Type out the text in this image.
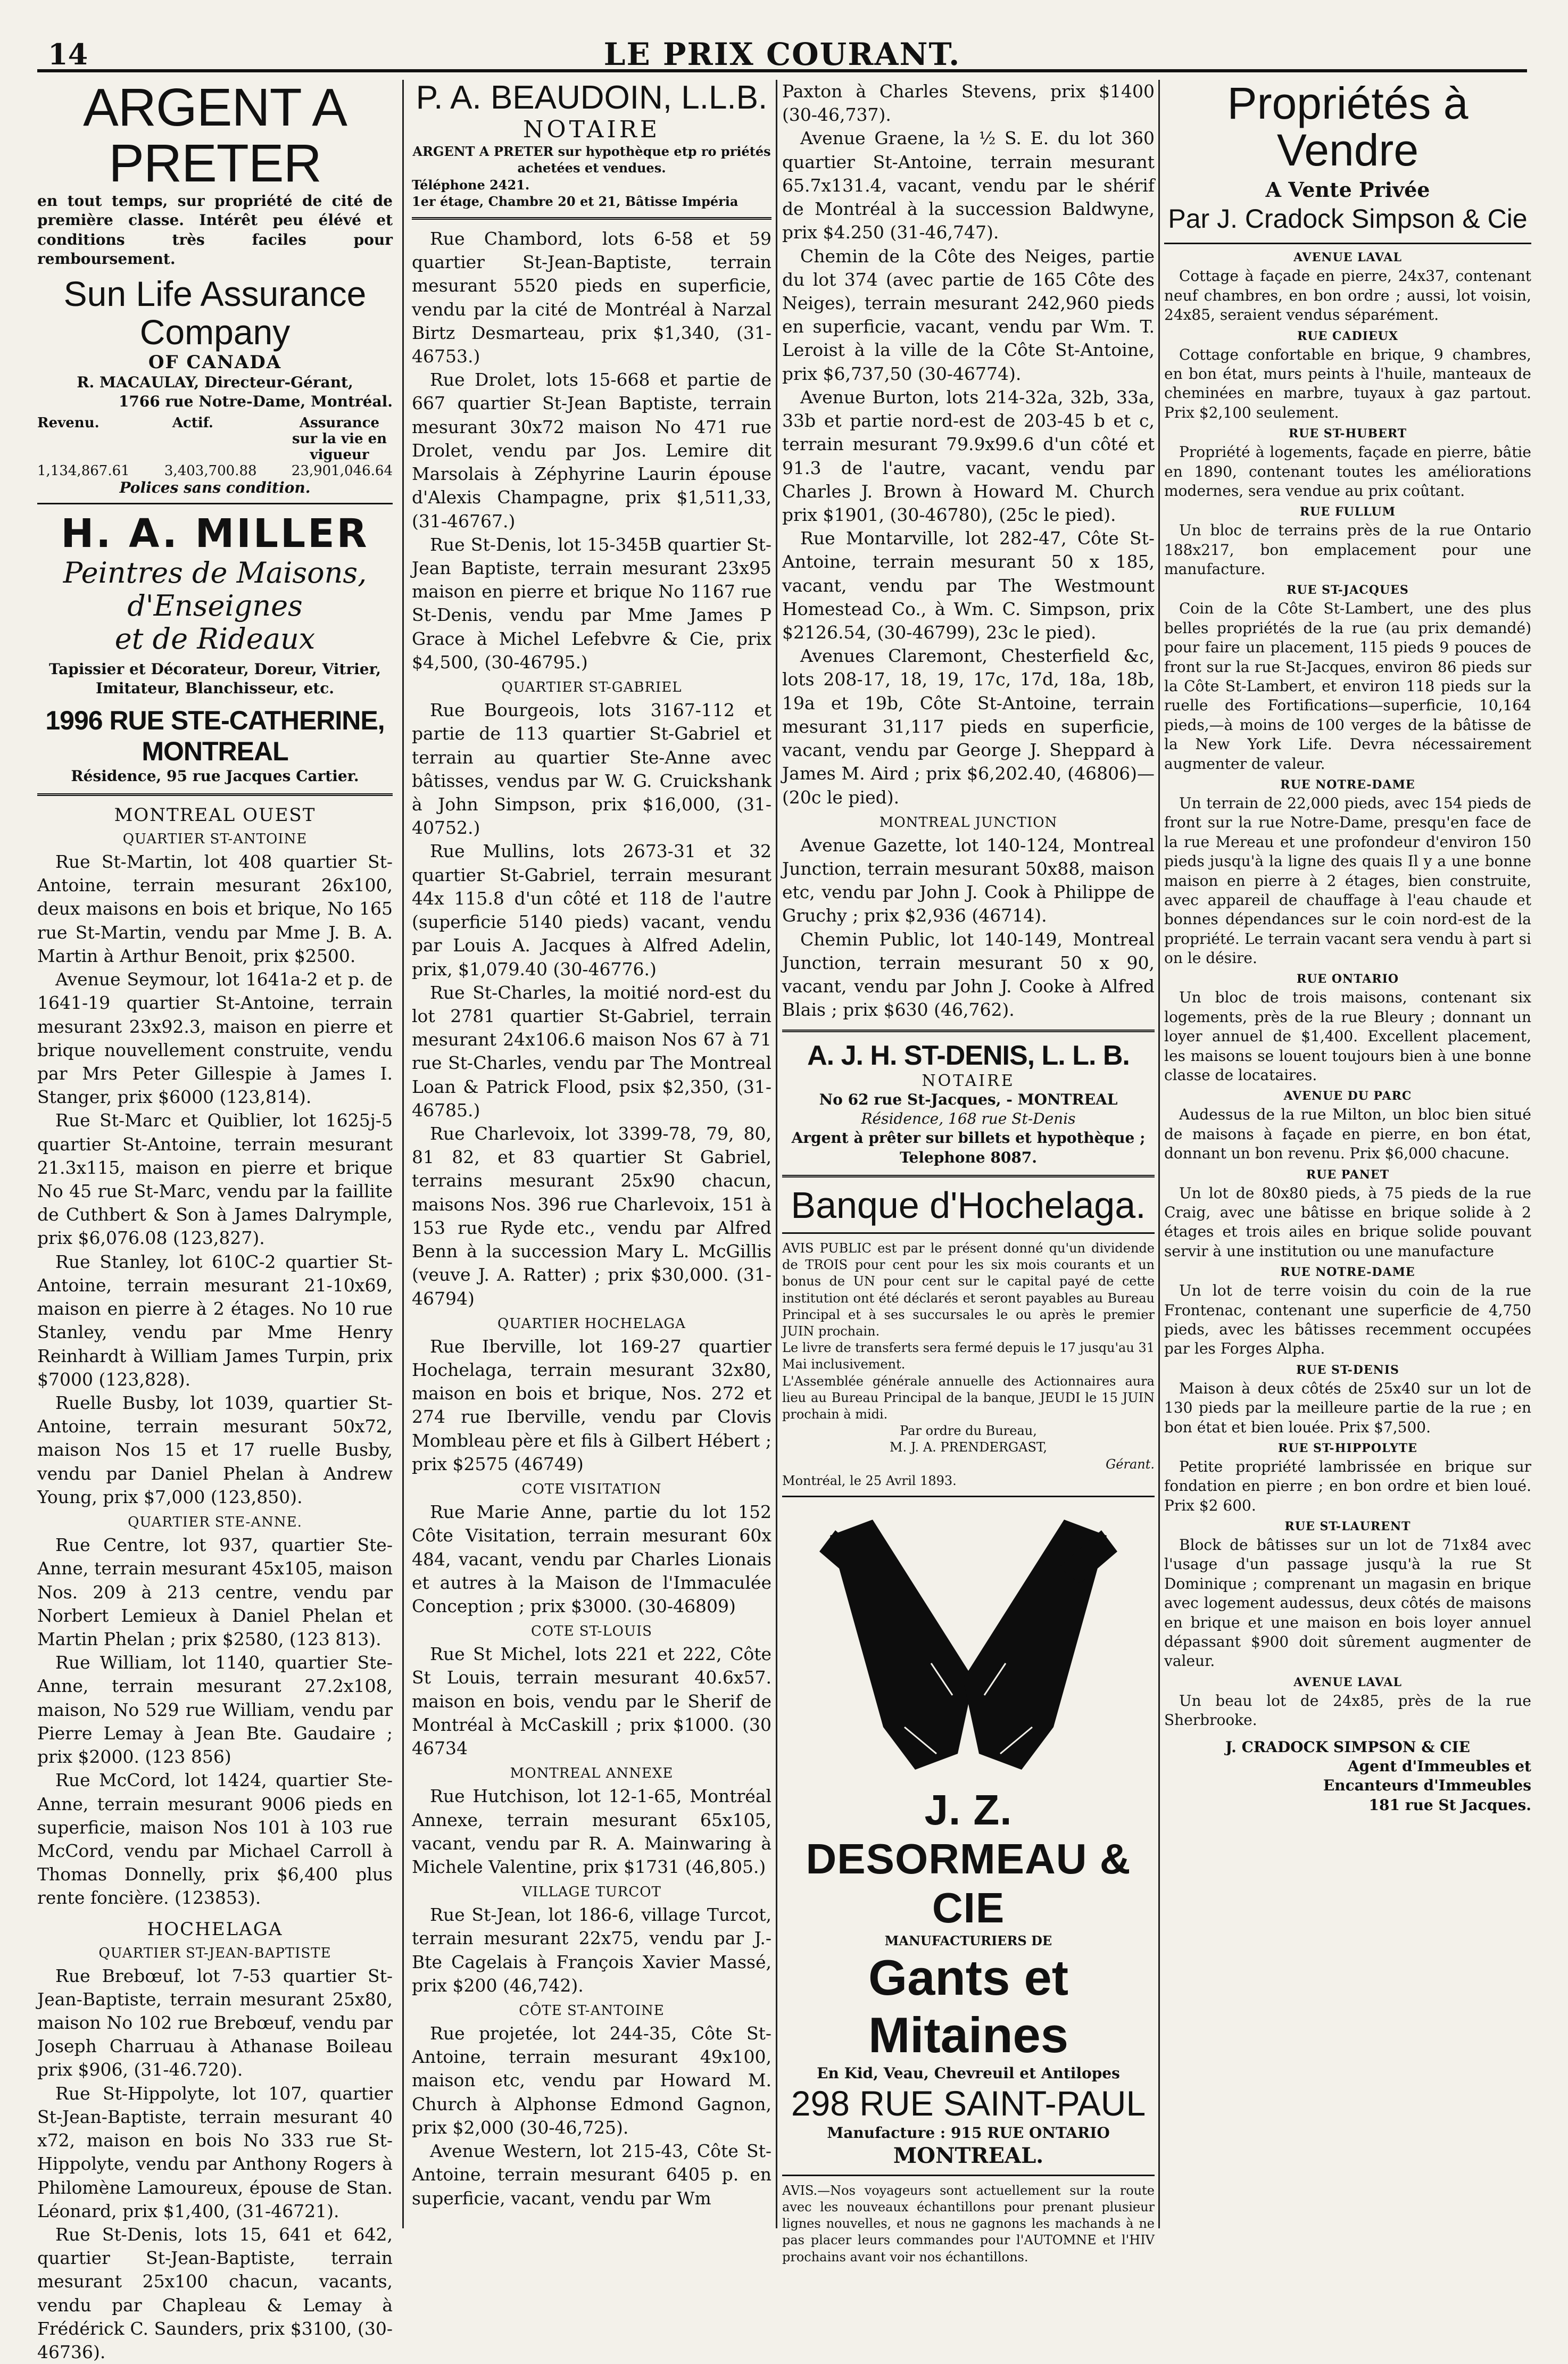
14	LE PRIX COURANT.
ARGENT A PRETER
en tout temps, sur propriété de cité de première classe. Intérêt peu élévé et conditions très faciles pour remboursement.
Sun Life Assurance Company
OF CANADA
R. MACAULAY, Directeur-Gérant,
1766 rue Notre-Dame, Montréal.
Revenu.	Actif.	Assurance sur la vie en vigueur
1,134,867.61	3,403,700.88	23,901,046.64
Polices sans condition.
H. A. MILLER
Peintres de Maisons, d'Enseignes
et de Rideaux
Tapissier et Décorateur, Doreur, Vitrier, Imitateur, Blanchisseur, etc.
1996 RUE STE-CATHERINE, MONTREAL
Résidence, 95 rue Jacques Cartier.
MONTREAL OUEST
QUARTIER ST-ANTOINE

Rue St-Martin, lot 408 quartier St-Antoine, terrain mesurant 26x100, deux maisons en bois et brique, No 165 rue St-Martin, vendu par Mme J. B. A. Martin à Arthur Benoit, prix $2500.

Avenue Seymour, lot 1641a-2 et p. de 1641-19 quartier St-Antoine, terrain mesurant 23x92.3, maison en pierre et brique nouvellement construite, vendu par Mrs Peter Gillespie à James I. Stanger, prix $6000 (123,814).

Rue St-Marc et Quiblier, lot 1625j-5 quartier St-Antoine, terrain mesurant 21.3x115, maison en pierre et brique No 45 rue St-Marc, vendu par la faillite de Cuthbert & Son à James Dalrymple, prix $6,076.08 (123,827).

Rue Stanley, lot 610C-2 quartier St-Antoine, terrain mesurant 21-10x69, maison en pierre à 2 étages. No 10 rue Stanley, vendu par Mme Henry Reinhardt à William James Turpin, prix $7000 (123,828).

Ruelle Busby, lot 1039, quartier St-Antoine, terrain mesurant 50x72, maison Nos 15 et 17 ruelle Busby, vendu par Daniel Phelan à Andrew Young, prix $7,000 (123,850).

QUARTIER STE-ANNE.

Rue Centre, lot 937, quartier Ste-Anne, terrain mesurant 45x105, maison Nos. 209 à 213 centre, vendu par Norbert Lemieux à Daniel Phelan et Martin Phelan ; prix $2580, (123 813).

Rue William, lot 1140, quartier Ste-Anne, terrain mesurant 27.2x108, maison, No 529 rue William, vendu par Pierre Lemay à Jean Bte. Gaudaire ; prix $2000. (123 856)

Rue McCord, lot 1424, quartier Ste-Anne, terrain mesurant 9006 pieds en superficie, maison Nos 101 à 103 rue McCord, vendu par Michael Carroll à Thomas Donnelly, prix $6,400 plus rente foncière. (123853).

HOCHELAGA
QUARTIER ST-JEAN-BAPTISTE

Rue Brebœuf, lot 7-53 quartier St-Jean-Baptiste, terrain mesurant 25x80, maison No 102 rue Brebœuf, vendu par Joseph Charruau à Athanase Boileau prix $906, (31-46.720).

Rue St-Hippolyte, lot 107, quartier St-Jean-Baptiste, terrain mesurant 40 x72, maison en bois No 333 rue St-Hippolyte, vendu par Anthony Rogers à Philomène Lamoureux, épouse de Stan. Léonard, prix $1,400, (31-46721).

Rue St-Denis, lots 15, 641 et 642, quartier St-Jean-Baptiste, terrain mesurant 25x100 chacun, vacants, vendu par Chapleau & Lemay à Frédérick C. Saunders, prix $3100, (30-46736).

P. A. BEAUDOIN, L.L.B.
NOTAIRE
ARGENT A PRETER sur hypothèque etp ro priétés achetées et vendues.
Téléphone 2421.
1er étage, Chambre 20 et 21, Bâtisse Impéria

Rue Chambord, lots 6-58 et 59 quartier St-Jean-Baptiste, terrain mesurant 5520 pieds en superficie, vendu par la cité de Montréal à Narzal Birtz Desmarteau, prix $1,340, (31-46753.)

Rue Drolet, lots 15-668 et partie de 667 quartier St-Jean Baptiste, terrain mesurant 30x72 maison No 471 rue Drolet, vendu par Jos. Lemire dit Marsolais à Zéphyrine Laurin épouse d'Alexis Champagne, prix $1,511,33, (31-46767.)

Rue St-Denis, lot 15-345B quartier St-Jean Baptiste, terrain mesurant 23x95 maison en pierre et brique No 1167 rue St-Denis, vendu par Mme James P Grace à Michel Lefebvre & Cie, prix $4,500, (30-46795.)

QUARTIER ST-GABRIEL

Rue Bourgeois, lots 3167-112 et partie de 113 quartier St-Gabriel et terrain au quartier Ste-Anne avec bâtisses, vendus par W. G. Cruickshank à John Simpson, prix $16,000, (31-40752.)

Rue Mullins, lots 2673-31 et 32 quartier St-Gabriel, terrain mesurant 44x 115.8 d'un côté et 118 de l'autre (superficie 5140 pieds) vacant, vendu par Louis A. Jacques à Alfred Adelin, prix, $1,079.40 (30-46776.)

Rue St-Charles, la moitié nord-est du lot 2781 quartier St-Gabriel, terrain mesurant 24x106.6 maison Nos 67 à 71 rue St-Charles, vendu par The Montreal Loan & Patrick Flood, psix $2,350, (31-46785.)

Rue Charlevoix, lot 3399-78, 79, 80, 81 82, et 83 quartier St Gabriel, terrains mesurant 25x90 chacun, maisons Nos. 396 rue Charlevoix, 151 à 153 rue Ryde etc., vendu par Alfred Benn à la succession Mary L. McGillis (veuve J. A. Ratter) ; prix $30,000. (31-46794)

QUARTIER HOCHELAGA

Rue Iberville, lot 169-27 quartier Hochelaga, terrain mesurant 32x80, maison en bois et brique, Nos. 272 et 274 rue Iberville, vendu par Clovis Mombleau père et fils à Gilbert Hébert ; prix $2575 (46749)

COTE VISITATION

Rue Marie Anne, partie du lot 152 Côte Visitation, terrain mesurant 60x 484, vacant, vendu par Charles Lionais et autres à la Maison de l'Immaculée Conception ; prix $3000. (30-46809)

COTE ST-LOUIS

Rue St Michel, lots 221 et 222, Côte St Louis, terrain mesurant 40.6x57. maison en bois, vendu par le Sherif de Montréal à McCaskill ; prix $1000. (30 46734

MONTREAL ANNEXE

Rue Hutchison, lot 12-1-65, Montréal Annexe, terrain mesurant 65x105, vacant, vendu par R. A. Mainwaring à Michele Valentine, prix $1731 (46,805.)

VILLAGE TURCOT

Rue St-Jean, lot 186-6, village Turcot, terrain mesurant 22x75, vendu par J.-Bte Cagelais à François Xavier Massé, prix $200 (46,742).

CÔTE ST-ANTOINE

Rue projetée, lot 244-35, Côte St-Antoine, terrain mesurant 49x100, maison etc, vendu par Howard M. Church à Alphonse Edmond Gagnon, prix $2,000 (30-46,725).

Avenue Western, lot 215-43, Côte St-Antoine, terrain mesurant 6405 p. en superficie, vacant, vendu par Wm

Paxton à Charles Stevens, prix $1400 (30-46,737).

Avenue Graene, la ½ S. E. du lot 360 quartier St-Antoine, terrain mesurant 65.7x131.4, vacant, vendu par le shérif de Montréal à la succession Baldwyne, prix $4.250 (31-46,747).

Chemin de la Côte des Neiges, partie du lot 374 (avec partie de 165 Côte des Neiges), terrain mesurant 242,960 pieds en superficie, vacant, vendu par Wm. T. Leroist à la ville de la Côte St-Antoine, prix $6,737,50 (30-46774).

Avenue Burton, lots 214-32a, 32b, 33a, 33b et partie nord-est de 203-45 b et c, terrain mesurant 79.9x99.6 d'un côté et 91.3 de l'autre, vacant, vendu par Charles J. Brown à Howard M. Church prix $1901, (30-46780), (25c le pied).

Rue Montarville, lot 282-47, Côte St-Antoine, terrain mesurant 50 x 185, vacant, vendu par The Westmount Homestead Co., à Wm. C. Simpson, prix $2126.54, (30-46799), 23c le pied).

Avenues Claremont, Chesterfield &c, lots 208-17, 18, 19, 17c, 17d, 18a, 18b, 19a et 19b, Côte St-Antoine, terrain mesurant 31,117 pieds en superficie, vacant, vendu par George J. Sheppard à James M. Aird ; prix $6,202.40, (46806)—(20c le pied).

MONTREAL JUNCTION

Avenue Gazette, lot 140-124, Montreal Junction, terrain mesurant 50x88, maison etc, vendu par John J. Cook à Philippe de Gruchy ; prix $2,936 (46714).

Chemin Public, lot 140-149, Montreal Junction, terrain mesurant 50 x 90, vacant, vendu par John J. Cooke à Alfred Blais ; prix $630 (46,762).

A. J. H. ST-DENIS, L. L. B.
NOTAIRE
No 62 rue St-Jacques, - MONTREAL
Résidence, 168 rue St-Denis
Argent à prêter sur billets et hypothèque ; Telephone 8087.
Banque d'Hochelaga.
AVIS PUBLIC est par le présent donné qu'un dividende de TROIS pour cent pour les six mois courants et un bonus de UN pour cent sur le capital payé de cette institution ont été déclarés et seront payables au Bureau Principal et à ses succursales le ou après le premier JUIN prochain.
Le livre de transferts sera fermé depuis le 17 jusqu'au 31 Mai inclusivement.
L'Assemblée générale annuelle des Actionnaires aura lieu au Bureau Principal de la banque, JEUDI le 15 JUIN prochain à midi.
Par ordre du Bureau,
M. J. A. PRENDERGAST,
Gérant.
Montréal, le 25 Avril 1893.
J. Z. DESORMEAU & CIE
MANUFACTURIERS DE
Gants et Mitaines
En Kid, Veau, Chevreuil et Antilopes
298 RUE SAINT-PAUL
Manufacture : 915 RUE ONTARIO
MONTREAL.
AVIS.—Nos voyageurs sont actuellement sur la route avec les nouveaux échantillons pour prenant plusieur lignes nouvelles, et nous ne gagnons les machands à ne pas placer leurs commandes pour l'AUTOMNE et l'HIV prochains avant voir nos échantillons.
Propriétés à Vendre
A Vente Privée
Par J. Cradock Simpson & Cie
AVENUE LAVAL

Cottage à façade en pierre, 24x37, contenant neuf chambres, en bon ordre ; aussi, lot voisin, 24x85, seraient vendus séparément.

RUE CADIEUX

Cottage confortable en brique, 9 chambres, en bon état, murs peints à l'huile, manteaux de cheminées en marbre, tuyaux à gaz partout. Prix $2,100 seulement.

RUE ST-HUBERT

Propriété à logements, façade en pierre, bâtie en 1890, contenant toutes les améliorations modernes, sera vendue au prix coûtant.

RUE FULLUM

Un bloc de terrains près de la rue Ontario 188x217, bon emplacement pour une manufacture.

RUE ST-JACQUES

Coin de la Côte St-Lambert, une des plus belles propriétés de la rue (au prix demandé) pour faire un placement, 115 pieds 9 pouces de front sur la rue St-Jacques, environ 86 pieds sur la Côte St-Lambert, et environ 118 pieds sur la ruelle des Fortifications—superficie, 10,164 pieds,—à moins de 100 verges de la bâtisse de la New York Life. Devra nécessairement augmenter de valeur.

RUE NOTRE-DAME

Un terrain de 22,000 pieds, avec 154 pieds de front sur la rue Notre-Dame, presqu'en face de la rue Mereau et une profondeur d'environ 150 pieds jusqu'à la ligne des quais Il y a une bonne maison en pierre à 2 étages, bien construite, avec appareil de chauffage à l'eau chaude et bonnes dépendances sur le coin nord-est de la propriété. Le terrain vacant sera vendu à part si on le désire.

RUE ONTARIO

Un bloc de trois maisons, contenant six logements, près de la rue Bleury ; donnant un loyer annuel de $1,400. Excellent placement, les maisons se louent toujours bien à une bonne classe de locataires.

AVENUE DU PARC

Audessus de la rue Milton, un bloc bien situé de maisons à façade en pierre, en bon état, donnant un bon revenu. Prix $6,000 chacune.

RUE PANET

Un lot de 80x80 pieds, à 75 pieds de la rue Craig, avec une bâtisse en brique solide à 2 étages et trois ailes en brique solide pouvant servir à une institution ou une manufacture

RUE NOTRE-DAME

Un lot de terre voisin du coin de la rue Frontenac, contenant une superficie de 4,750 pieds, avec les bâtisses recemment occupées par les Forges Alpha.

RUE ST-DENIS

Maison à deux côtés de 25x40 sur un lot de 130 pieds par la meilleure partie de la rue ; en bon état et bien louée. Prix $7,500.

RUE ST-HIPPOLYTE

Petite propriété lambrissée en brique sur fondation en pierre ; en bon ordre et bien loué. Prix $2 600.

RUE ST-LAURENT

Block de bâtisses sur un lot de 71x84 avec l'usage d'un passage jusqu'à la rue St Dominique ; comprenant un magasin en brique avec logement audessus, deux côtés de maisons en brique et une maison en bois loyer annuel dépassant $900 doit sûrement augmenter de valeur.

AVENUE LAVAL

Un beau lot de 24x85, près de la rue Sherbrooke.

J. CRADOCK SIMPSON & CIE
Agent d'Immeubles et
Encanteurs d'Immeubles
181 rue St Jacques.
